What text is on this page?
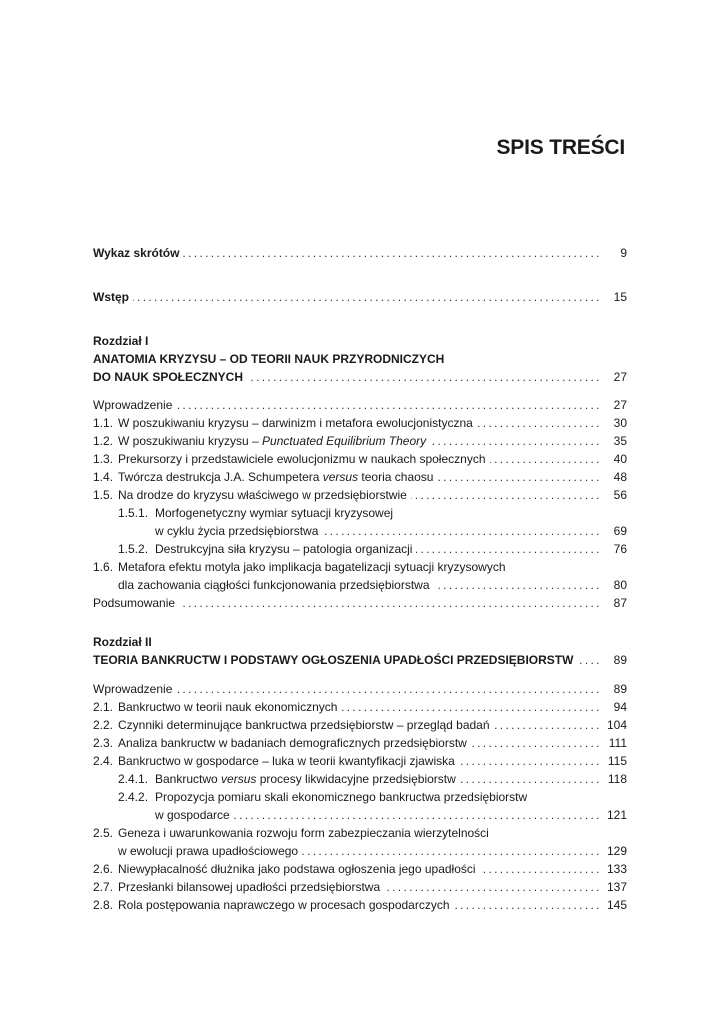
SPIS TREŚCI
Wykaz skrótów . . .	9
Wstęp . . .	15
Rozdział I
ANATOMIA KRYZYSU – OD TEORII NAUK PRZYRODNICZYCH
DO NAUK SPOŁECZNYCH . . .	27
Wprowadzenie . . .	27
1.1. W poszukiwaniu kryzysu – darwinizm i metafora ewolucjonistyczna . . .	30
1.2. W poszukiwaniu kryzysu – Punctuated Equilibrium Theory . . .	35
1.3. Prekursorzy i przedstawiciele ewolucjonizmu w naukach społecznych . . .	40
1.4. Twórcza destrukcja J.A. Schumpetera versus teoria chaosu . . .	48
1.5. Na drodze do kryzysu właściwego w przedsiębiorstwie . . .	56
1.5.1. Morfogenetyczny wymiar sytuacji kryzysowej
w cyklu życia przedsiębiorstwa . . .	69
1.5.2. Destrukcyjna siła kryzysu – patologia organizacji . . .	76
1.6. Metafora efektu motyla jako implikacja bagatelizacji sytuacji kryzysowych
dla zachowania ciągłości funkcjonowania przedsiębiorstwa . . .	80
Podsumowanie . . .	87
Rozdział II
TEORIA BANKRUCTW I PODSTAWY OGŁOSZENIA UPADŁOŚCI PRZEDSIĘBIORSTW . . .	89
Wprowadzenie . . .	89
2.1. Bankructwo w teorii nauk ekonomicznych . . .	94
2.2. Czynniki determinujące bankructwa przedsiębiorstw – przegląd badań . . .	104
2.3. Analiza bankructw w badaniach demograficznych przedsiębiorstw . . .	111
2.4. Bankructwo w gospodarce – luka w teorii kwantyfikacji zjawiska . . .	115
2.4.1. Bankructwo versus procesy likwidacyjne przedsiębiorstw . . .	118
2.4.2. Propozycja pomiaru skali ekonomicznego bankructwa przedsiębiorstw
w gospodarce . . .	121
2.5. Geneza i uwarunkowania rozwoju form zabezpieczania wierzytelności
w ewolucji prawa upadłościowego . . .	129
2.6. Niewypłacalność dłużnika jako podstawa ogłoszenia jego upadłości . . .	133
2.7. Przesłanki bilansowej upadłości przedsiębiorstwa . . .	137
2.8. Rola postępowania naprawczego w procesach gospodarczych . . .	145
